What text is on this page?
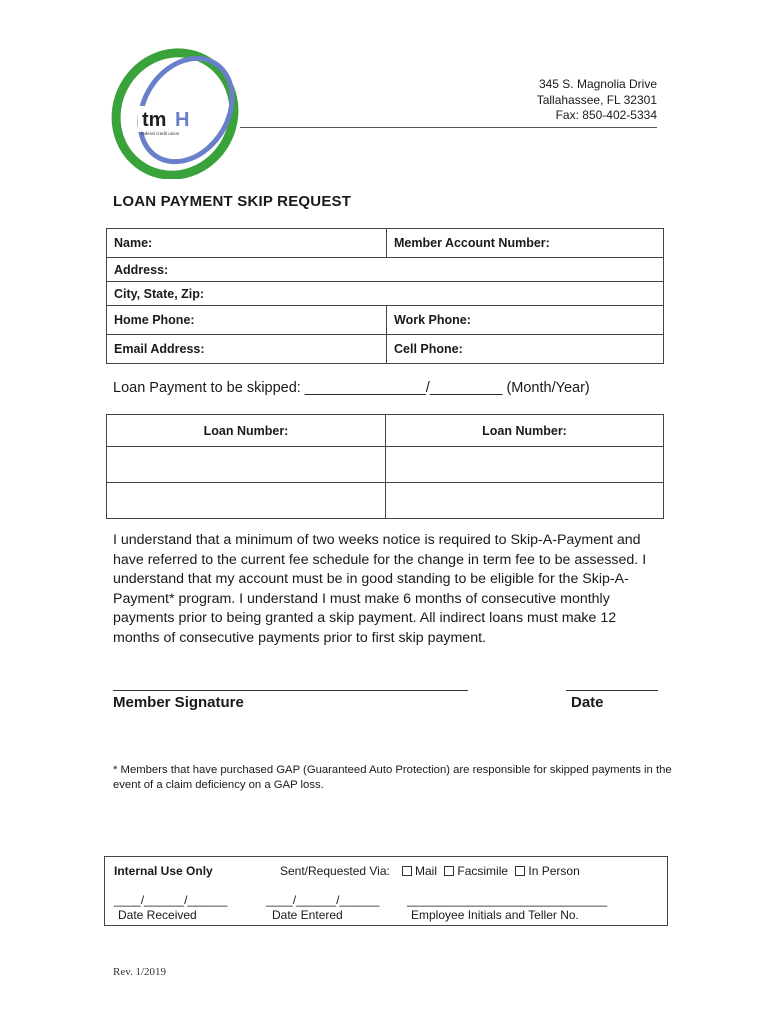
tm H
federal credit union
345 S. Magnolia Drive
Tallahassee, FL 32301
Fax: 850-402-5334
LOAN PAYMENT SKIP REQUEST
Name:	Member Account Number:
Address:	
City, State, Zip:	
Home Phone:	Work Phone:
Email Address:	Cell Phone:
Loan Payment to be skipped: _______________/_________ (Month/Year)
Loan Number:	Loan Number:

I understand that a minimum of two weeks notice is required to Skip-A-Payment and have referred to the current fee schedule for the change in term fee to be assessed. I understand that my account must be in good standing to be eligible for the Skip-A-Payment* program. I understand I must make 6 months of consecutive monthly payments prior to being granted a skip payment. All indirect loans must make 12 months of consecutive payments prior to first skip payment.
Member Signature	Date
* Members that have purchased GAP (Guaranteed Auto Protection) are responsible for skipped payments in the event of a claim deficiency on a GAP loss.
Internal Use Only	Sent/Requested Via:	Mail Facsimile In Person
____/______/______	____/______/______ ______________________________
Date Received	Date Entered	Employee Initials and Teller No.
Rev. 1/2019
